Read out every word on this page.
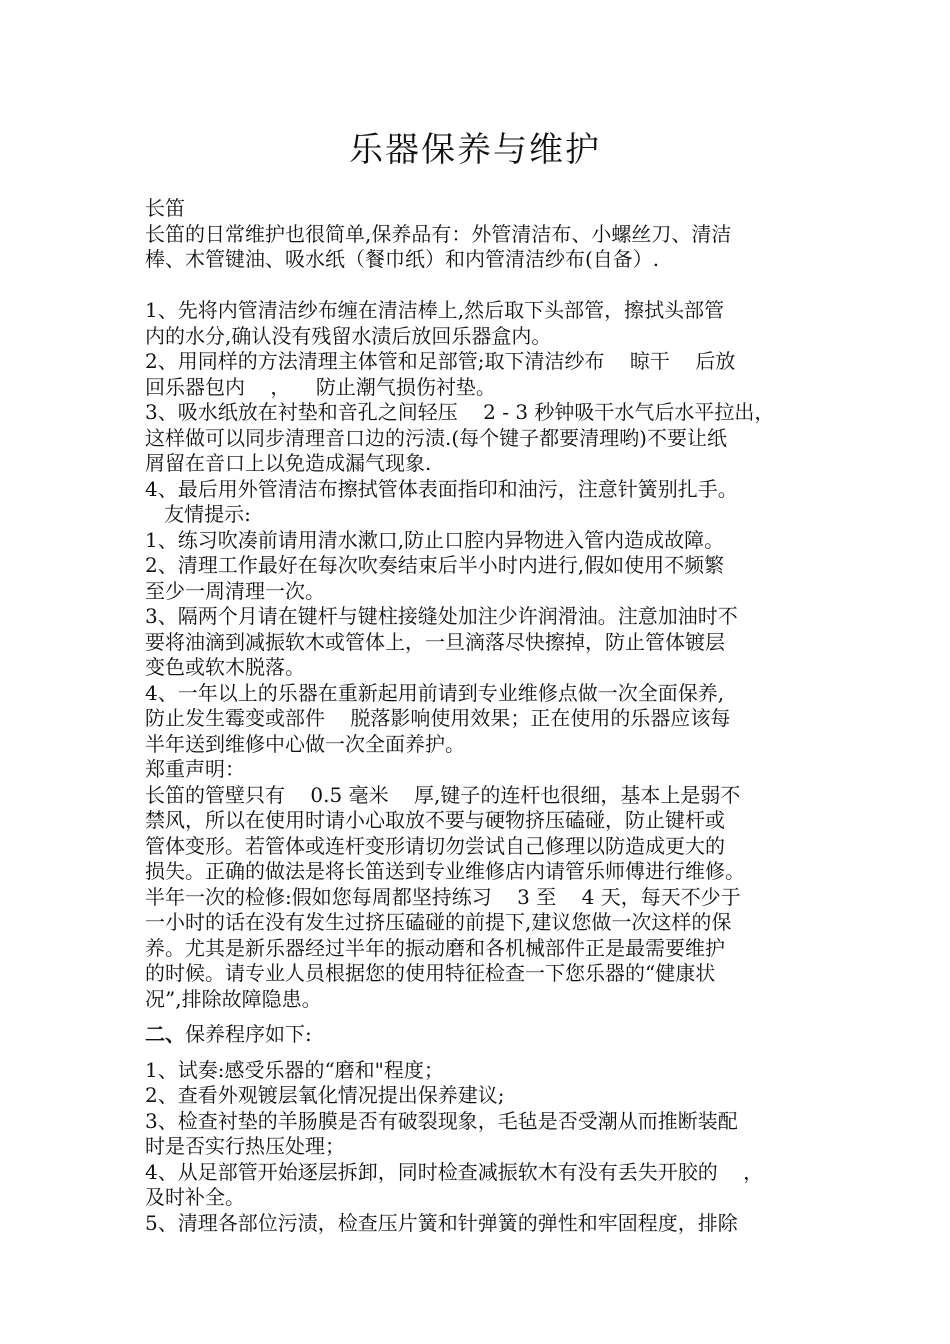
乐器保养与维护
长笛
长笛的日常维护也很简单,保养品有：外管清洁布、小螺丝刀、清洁
棒、木管键油、吸水纸（餐巾纸）和内管清洁纱布(自备）.
1、先将内管清洁纱布缠在清洁棒上,然后取下头部管，擦拭头部管
内的水分,确认没有残留水渍后放回乐器盒内。
2、用同样的方法清理主体管和足部管;取下清洁纱布    晾干    后放
回乐器包内    ，    防止潮气损伤衬垫。
3、吸水纸放在衬垫和音孔之间轻压    2 - 3 秒钟吸干水气后水平拉出，
这样做可以同步清理音口边的污渍.(每个键子都要清理哟)不要让纸
屑留在音口上以免造成漏气现象.
4、最后用外管清洁布擦拭管体表面指印和油污，注意针簧别扎手。
友情提示:
1、练习吹凑前请用清水漱口,防止口腔内异物进入管内造成故障。
2、清理工作最好在每次吹奏结束后半小时内进行,假如使用不频繁
至少一周清理一次。
3、隔两个月请在键杆与键柱接缝处加注少许润滑油。注意加油时不
要将油滴到减振软木或管体上，一旦滴落尽快擦掉，防止管体镀层
变色或软木脱落。
4、一年以上的乐器在重新起用前请到专业维修点做一次全面保养,
防止发生霉变或部件    脱落影响使用效果；正在使用的乐器应该每
半年送到维修中心做一次全面养护。
郑重声明：
长笛的管壁只有    0.5 毫米    厚,键子的连杆也很细，基本上是弱不
禁风，所以在使用时请小心取放不要与硬物挤压磕碰，防止键杆或
管体变形。若管体或连杆变形请切勿尝试自己修理以防造成更大的
损失。正确的做法是将长笛送到专业维修店内请管乐师傅进行维修。
半年一次的检修:假如您每周都坚持练习    3 至    4 天，每天不少于
一小时的话在没有发生过挤压磕碰的前提下,建议您做一次这样的保
养。尤其是新乐器经过半年的振动磨和各机械部件正是最需要维护
的时候。请专业人员根据您的使用特征检查一下您乐器的“健康状
况”,排除故障隐患。
二、保养程序如下:
1、试奏:感受乐器的“磨和"程度；
2、查看外观镀层氧化情况提出保养建议;
3、检查衬垫的羊肠膜是否有破裂现象，毛毡是否受潮从而推断装配
时是否实行热压处理；
4、从足部管开始逐层拆卸，同时检查减振软木有没有丢失开胶的    ，
及时补全。
5、清理各部位污渍，检查压片簧和针弹簧的弹性和牢固程度，排除
